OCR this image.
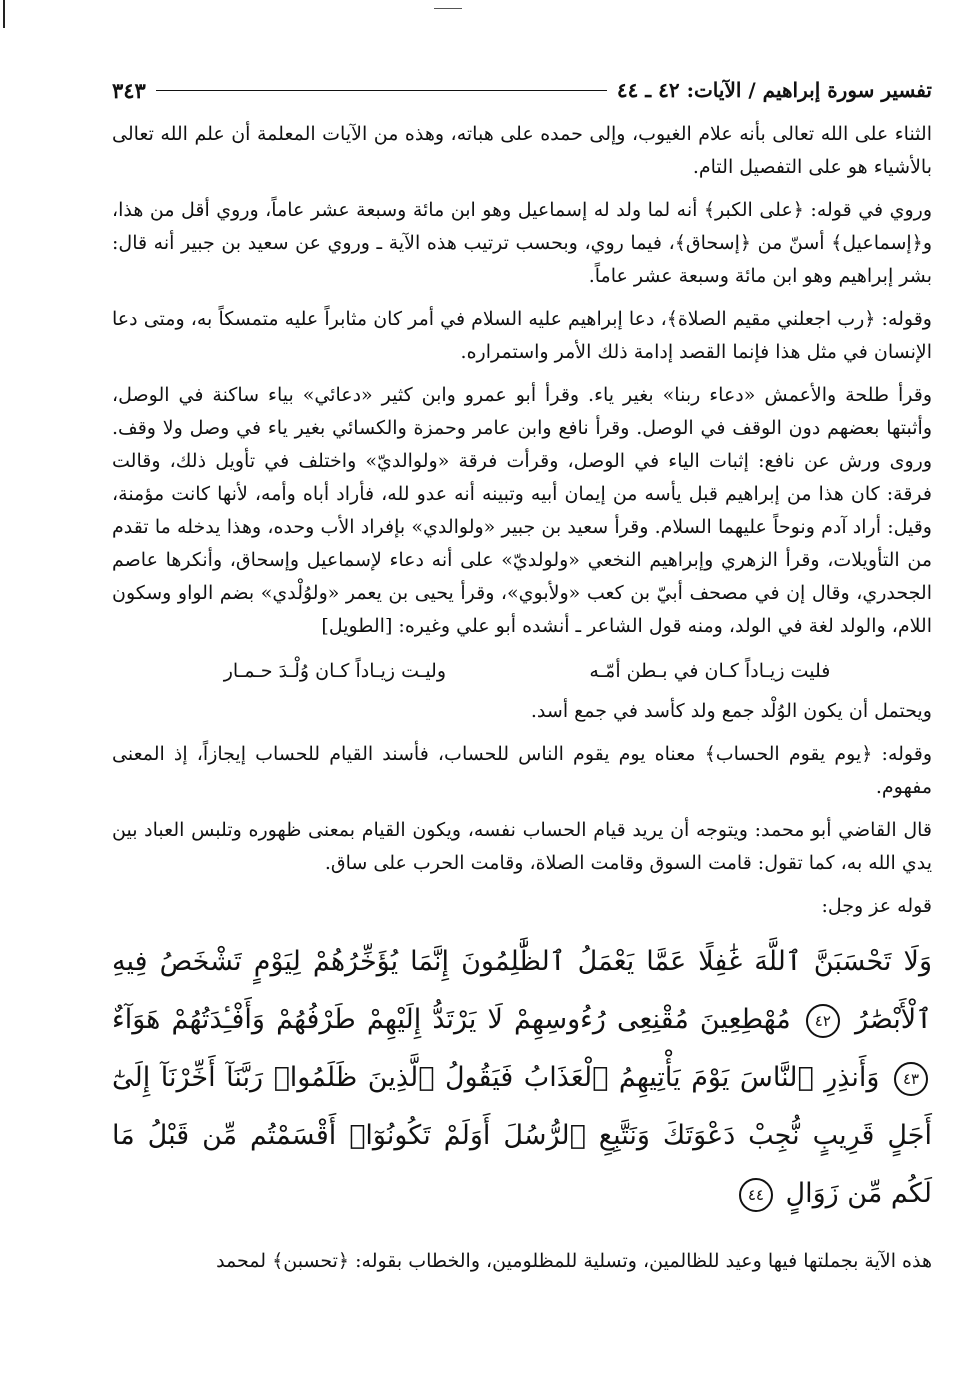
تفسير سورة إبراهيم / الآيات: ٤٢ ـ ٤٤
٣٤٣

الثناء على الله تعالى بأنه علام الغيوب، وإلى حمده على هباته، وهذه من الآيات المعلمة أن علم الله تعالى بالأشياء هو على التفصيل التام.

وروي في قوله: ﴿على الكبر﴾ أنه لما ولد له إسماعيل وهو ابن مائة وسبعة عشر عاماً، وروي أقل من هذا، و﴿إسماعيل﴾ أسنّ من ﴿إسحاق﴾، فيما روي، وبحسب ترتيب هذه الآية ـ وروي عن سعيد بن جبير أنه قال: بشر إبراهيم وهو ابن مائة وسبعة عشر عاماً.

وقوله: ﴿رب اجعلني مقيم الصلاة﴾، دعا إبراهيم عليه السلام في أمر كان مثابراً عليه متمسكاً به، ومتى دعا الإنسان في مثل هذا فإنما القصد إدامة ذلك الأمر واستمراره.

وقرأ طلحة والأعمش «دعاء ربنا» بغير ياء. وقرأ أبو عمرو وابن كثير «دعائي» بياء ساكنة في الوصل، وأثبتها بعضهم دون الوقف في الوصل. وقرأ نافع وابن عامر وحمزة والكسائي بغير ياء في وصل ولا وقف. وروى ورش عن نافع: إثبات الياء في الوصل، وقرأت فرقة «ولوالديّ» واختلف في تأويل ذلك، وقالت فرقة: كان هذا من إبراهيم قبل يأسه من إيمان أبيه وتبينه أنه عدو لله، فأراد أباه وأمه، لأنها كانت مؤمنة، وقيل: أراد آدم ونوحاً عليهما السلام. وقرأ سعيد بن جبير «ولوالدي» بإفراد الأب وحده، وهذا يدخله ما تقدم من التأويلات، وقرأ الزهري وإبراهيم النخعي «ولولديّ» على أنه دعاء لإسماعيل وإسحاق، وأنكرها عاصم الجحدري، وقال إن في مصحف أبيّ بن كعب «ولأبوي»، وقرأ يحيى بن يعمر «ولوُلْدي» بضم الواو وسكون اللام، والولد لغة في الولد، ومنه قول الشاعر ـ أنشده أبو علي وغيره: [الطويل]

فليت زيـاداً كـان في بـطن أمّـه
وليـت زيـاداً كـان وُلْـدَ حـمـار

ويحتمل أن يكون الوُلْد جمع ولد كأسد في جمع أسد.

وقوله: ﴿يوم يقوم الحساب﴾ معناه يوم يقوم الناس للحساب، فأسند القيام للحساب إيجازاً، إذ المعنى مفهوم.

قال القاضي أبو محمد: ويتوجه أن يريد قيام الحساب نفسه، ويكون القيام بمعنى ظهوره وتلبس العباد بين يدي الله به، كما تقول: قامت السوق وقامت الصلاة، وقامت الحرب على ساق.

قوله عز وجل:

وَلَا تَحْسَبَنَّ ٱللَّهَ غَٰفِلًا عَمَّا يَعْمَلُ ٱلظَّٰلِمُونَ إِنَّمَا يُؤَخِّرُهُمْ لِيَوْمٍ تَشْخَصُ فِيهِ ٱلْأَبْصَٰرُ ٤٢ مُهْطِعِينَ مُقْنِعِى رُءُوسِهِمْ لَا يَرْتَدُّ إِلَيْهِمْ طَرْفُهُمْ وَأَفْـِٔدَتُهُمْ هَوَآءٌ ٤٣ وَأَنذِرِ ٱلنَّاسَ يَوْمَ يَأْتِيهِمُ ٱلْعَذَابُ فَيَقُولُ ٱلَّذِينَ ظَلَمُوا۟ رَبَّنَآ أَخِّرْنَآ إِلَىٰٓ أَجَلٍ قَرِيبٍ نُّجِبْ دَعْوَتَكَ وَنَتَّبِعِ ٱلرُّسُلَ أَوَلَمْ تَكُونُوٓا۟ أَقْسَمْتُم مِّن قَبْلُ مَا لَكُم مِّن زَوَالٍ ٤٤

هذه الآية بجملتها فيها وعيد للظالمين، وتسلية للمظلومين، والخطاب بقوله: ﴿تحسبن﴾ لمحمد
